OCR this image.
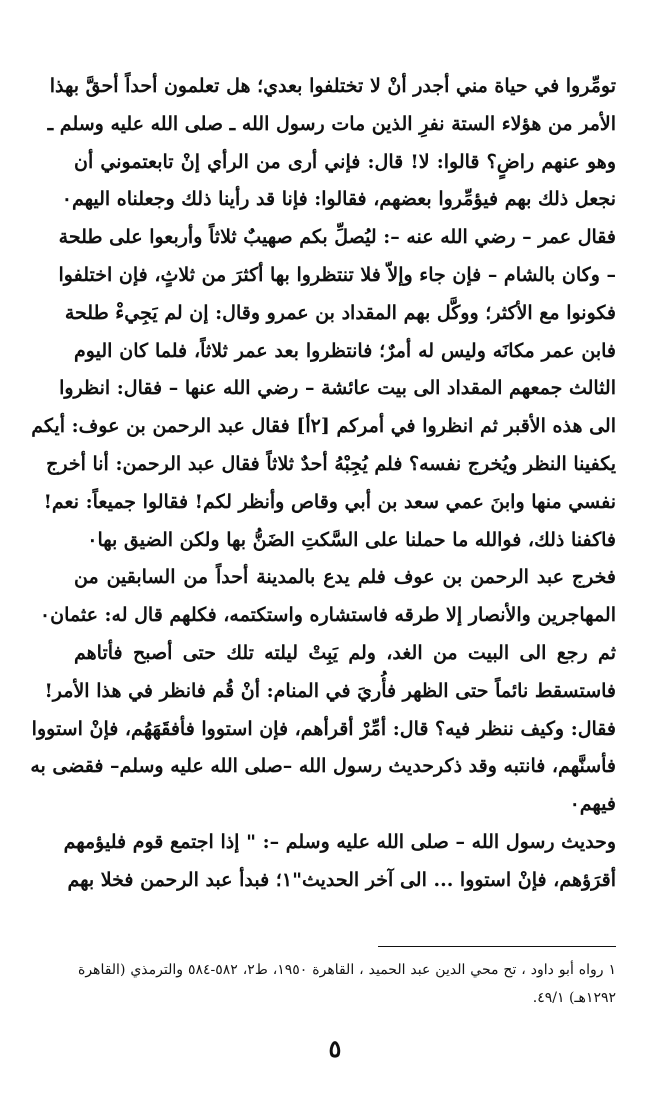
تومِّروا في حياة مني أجدر أنْ لا تختلفوا بعدي؛ هل تعلمون أحداً أحقَّ بهذا
الأمر من هؤلاء الستة نفرِ الذين مات رسول الله ـ صلى الله عليه وسلم ـ
وهو عنهم راضٍ؟ قالوا: لا! قال: فإني أرى من الرأي إنْ تابعتموني أن
نجعل ذلك بهم فيؤمِّروا بعضهم، فقالوا: فإنا قد رأينا ذلك وجعلناه اليهم٠
فقال عمر – رضي الله عنه –: ليُصلِّ بكم صهيبٌ ثلاثاً وأربعوا على طلحة
– وكان بالشام – فإن جاء وإلاّ فلا تنتظروا بها أكثرَ من ثلاثٍ، فإن اختلفوا
فكونوا مع الأكثر؛ ووكَّل بهم المقداد بن عمرو وقال: إن لم يَجِيءْ طلحة
فابن عمر مكانَه وليس له أمرٌ؛ فانتظروا بعد عمر ثلاثاً، فلما كان اليوم
الثالث جمعهم المقداد الى بيت عائشة – رضي الله عنها – فقال: انظروا
الى هذه الأقبر ثم انظروا في أمركم [٢أ] فقال عبد الرحمن بن عوف: أيكم
يكفينا النظر ويُخرج نفسه؟ فلم يُجِبْهُ أحدٌ ثلاثاً فقال عبد الرحمن: أنا أخرج
نفسي منها وابنَ عمي سعد بن أبي وقاص وأنظر لكم! فقالوا جميعاً: نعم!
فاكفنا ذلك، فوالله ما حملنا على السَّكتِ الضَنُّ بها ولكن الضيق بها٠
فخرج عبد الرحمن بن عوف فلم يدع بالمدينة أحداً من السابقين من
المهاجرين والأنصار إلا طرقه فاستشاره واستكتمه، فكلهم قال له: عثمان٠
ثم رجع الى البيت من الغد، ولم يَبِتْ ليلته تلك حتى أصبح فأتاهم
فاستسقط نائماً حتى الظهر فأُريَ في المنام: أنْ قُم فانظر في هذا الأمر!
فقال: وكيف ننظر فيه؟ قال: أمِّرْ أقرأهم، فإن استووا فأفقَهَهُم، فإنْ استووا
فأسنَّهم، فانتبه وقد ذكرحديث رسول الله –صلى الله عليه وسلم– فقضى به
فيهم٠
وحديث رسول الله – صلى الله عليه وسلم –: " إذا اجتمع قوم فليؤمهم
أقرَؤهم، فإنْ استووا ... الى آخر الحديث"١؛ فبدأ عبد الرحمن فخلا بهم
١ رواه أبو داود ، تح محي الدين عبد الحميد ، القاهرة ١٩٥٠، ط٢، ٥٨٢-٥٨٤ والترمذي (القاهرة
١٢٩٢هـ) ٤٩/١.
٥
